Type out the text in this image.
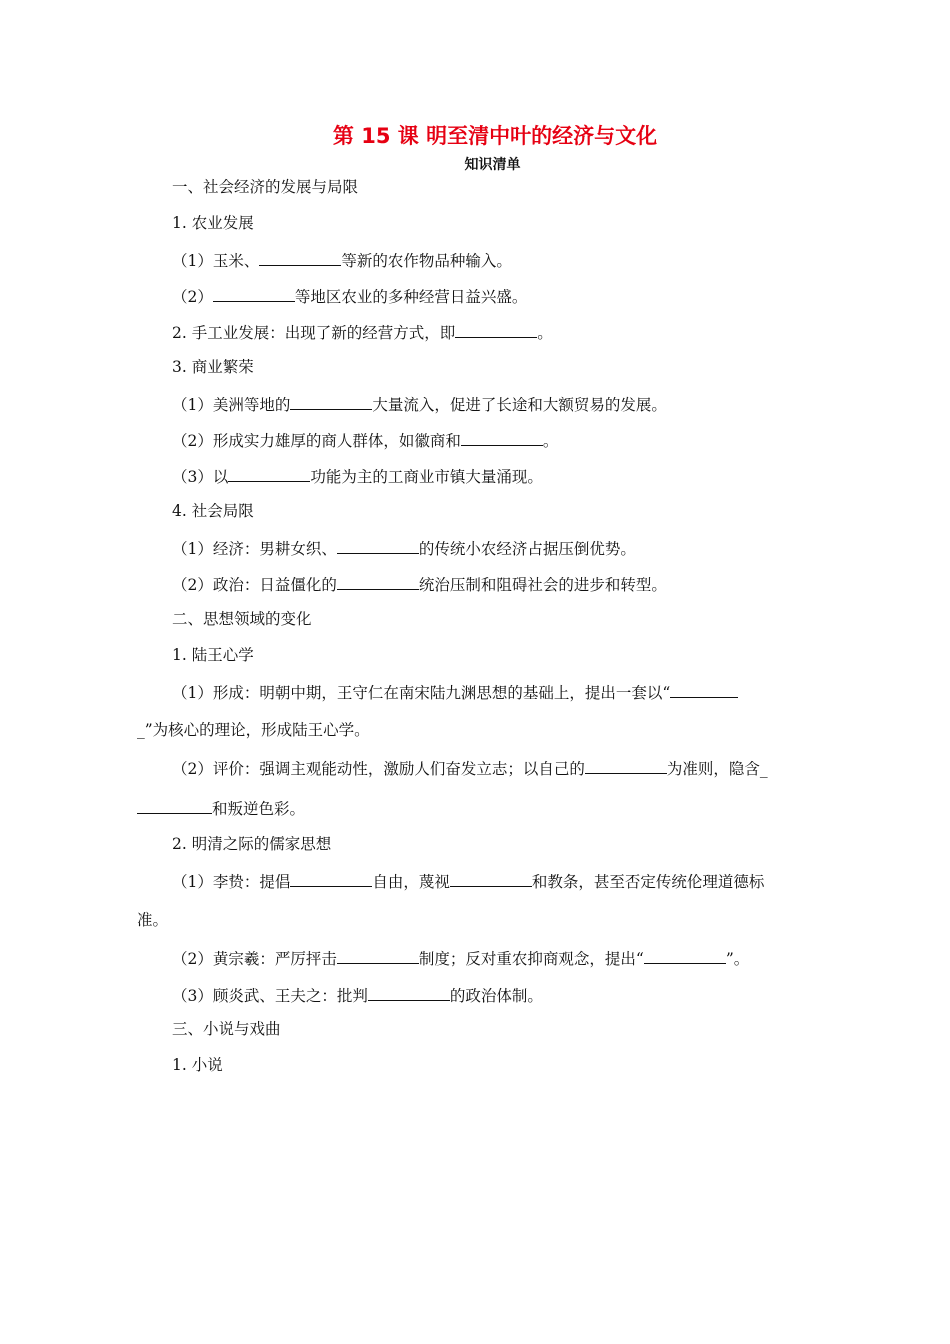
第 15 课 明至清中叶的经济与文化
知识清单
一、社会经济的发展与局限
1. 农业发展
（1）玉米、	等新的农作物品种输入。
（2）	等地区农业的多种经营日益兴盛。
2. 手工业发展：出现了新的经营方式，即	。
3. 商业繁荣
（1）美洲等地的	大量流入，促进了长途和大额贸易的发展。
（2）形成实力雄厚的商人群体，如徽商和	。
（3）以	功能为主的工商业市镇大量涌现。
4. 社会局限
（1）经济：男耕女织、	的传统小农经济占据压倒优势。
（2）政治：日益僵化的	统治压制和阻碍社会的进步和转型。
二、思想领域的变化
1. 陆王心学
（1）形成：明朝中期，王守仁在南宋陆九渊思想的基础上，提出一套以“
_”为核心的理论，形成陆王心学。
（2）评价：强调主观能动性，激励人们奋发立志；以自己的	为准则，隐含_
和叛逆色彩。
2. 明清之际的儒家思想
（1）李贽：提倡	自由，蔑视	和教条，甚至否定传统伦理道德标
准。
（2）黄宗羲：严厉抨击	制度；反对重农抑商观念，提出“	”。
（3）顾炎武、王夫之：批判	的政治体制。
三、小说与戏曲
1. 小说
